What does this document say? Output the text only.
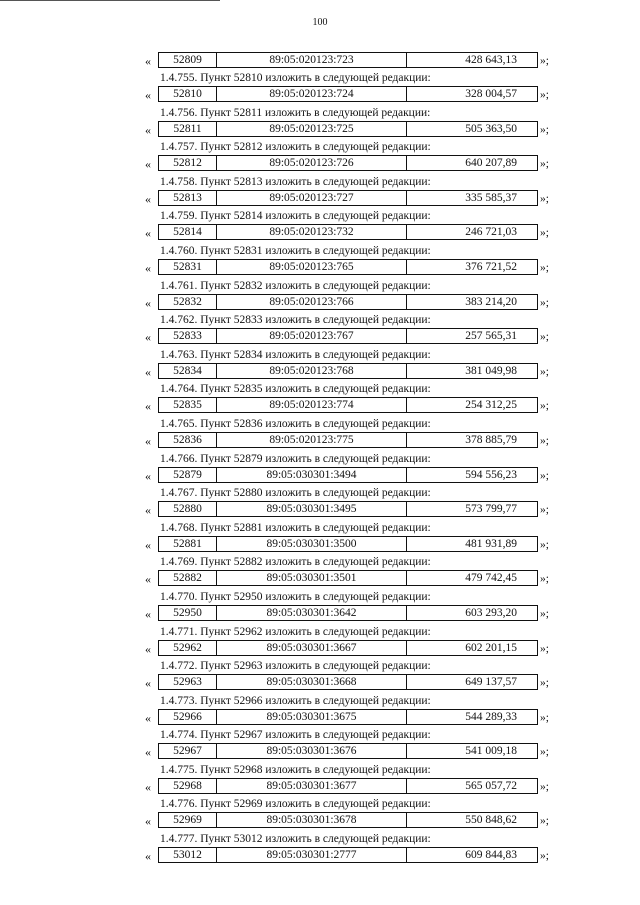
100
«	52809	89:05:020123:723	428 643,13	»;
1.4.755. Пункт 52810 изложить в следующей редакции:
«	52810	89:05:020123:724	328 004,57	»;
1.4.756. Пункт 52811 изложить в следующей редакции:
«	52811	89:05:020123:725	505 363,50	»;
1.4.757. Пункт 52812 изложить в следующей редакции:
«	52812	89:05:020123:726	640 207,89	»;
1.4.758. Пункт 52813 изложить в следующей редакции:
«	52813	89:05:020123:727	335 585,37	»;
1.4.759. Пункт 52814 изложить в следующей редакции:
«	52814	89:05:020123:732	246 721,03	»;
1.4.760. Пункт 52831 изложить в следующей редакции:
«	52831	89:05:020123:765	376 721,52	»;
1.4.761. Пункт 52832 изложить в следующей редакции:
«	52832	89:05:020123:766	383 214,20	»;
1.4.762. Пункт 52833 изложить в следующей редакции:
«	52833	89:05:020123:767	257 565,31	»;
1.4.763. Пункт 52834 изложить в следующей редакции:
«	52834	89:05:020123:768	381 049,98	»;
1.4.764. Пункт 52835 изложить в следующей редакции:
«	52835	89:05:020123:774	254 312,25	»;
1.4.765. Пункт 52836 изложить в следующей редакции:
«	52836	89:05:020123:775	378 885,79	»;
1.4.766. Пункт 52879 изложить в следующей редакции:
«	52879	89:05:030301:3494	594 556,23	»;
1.4.767. Пункт 52880 изложить в следующей редакции:
«	52880	89:05:030301:3495	573 799,77	»;
1.4.768. Пункт 52881 изложить в следующей редакции:
«	52881	89:05:030301:3500	481 931,89	»;
1.4.769. Пункт 52882 изложить в следующей редакции:
«	52882	89:05:030301:3501	479 742,45	»;
1.4.770. Пункт 52950 изложить в следующей редакции:
«	52950	89:05:030301:3642	603 293,20	»;
1.4.771. Пункт 52962 изложить в следующей редакции:
«	52962	89:05:030301:3667	602 201,15	»;
1.4.772. Пункт 52963 изложить в следующей редакции:
«	52963	89:05:030301:3668	649 137,57	»;
1.4.773. Пункт 52966 изложить в следующей редакции:
«	52966	89:05:030301:3675	544 289,33	»;
1.4.774. Пункт 52967 изложить в следующей редакции:
«	52967	89:05:030301:3676	541 009,18	»;
1.4.775. Пункт 52968 изложить в следующей редакции:
«	52968	89:05:030301:3677	565 057,72	»;
1.4.776. Пункт 52969 изложить в следующей редакции:
«	52969	89:05:030301:3678	550 848,62	»;
1.4.777. Пункт 53012 изложить в следующей редакции:
«	53012	89:05:030301:2777	609 844,83	»;
